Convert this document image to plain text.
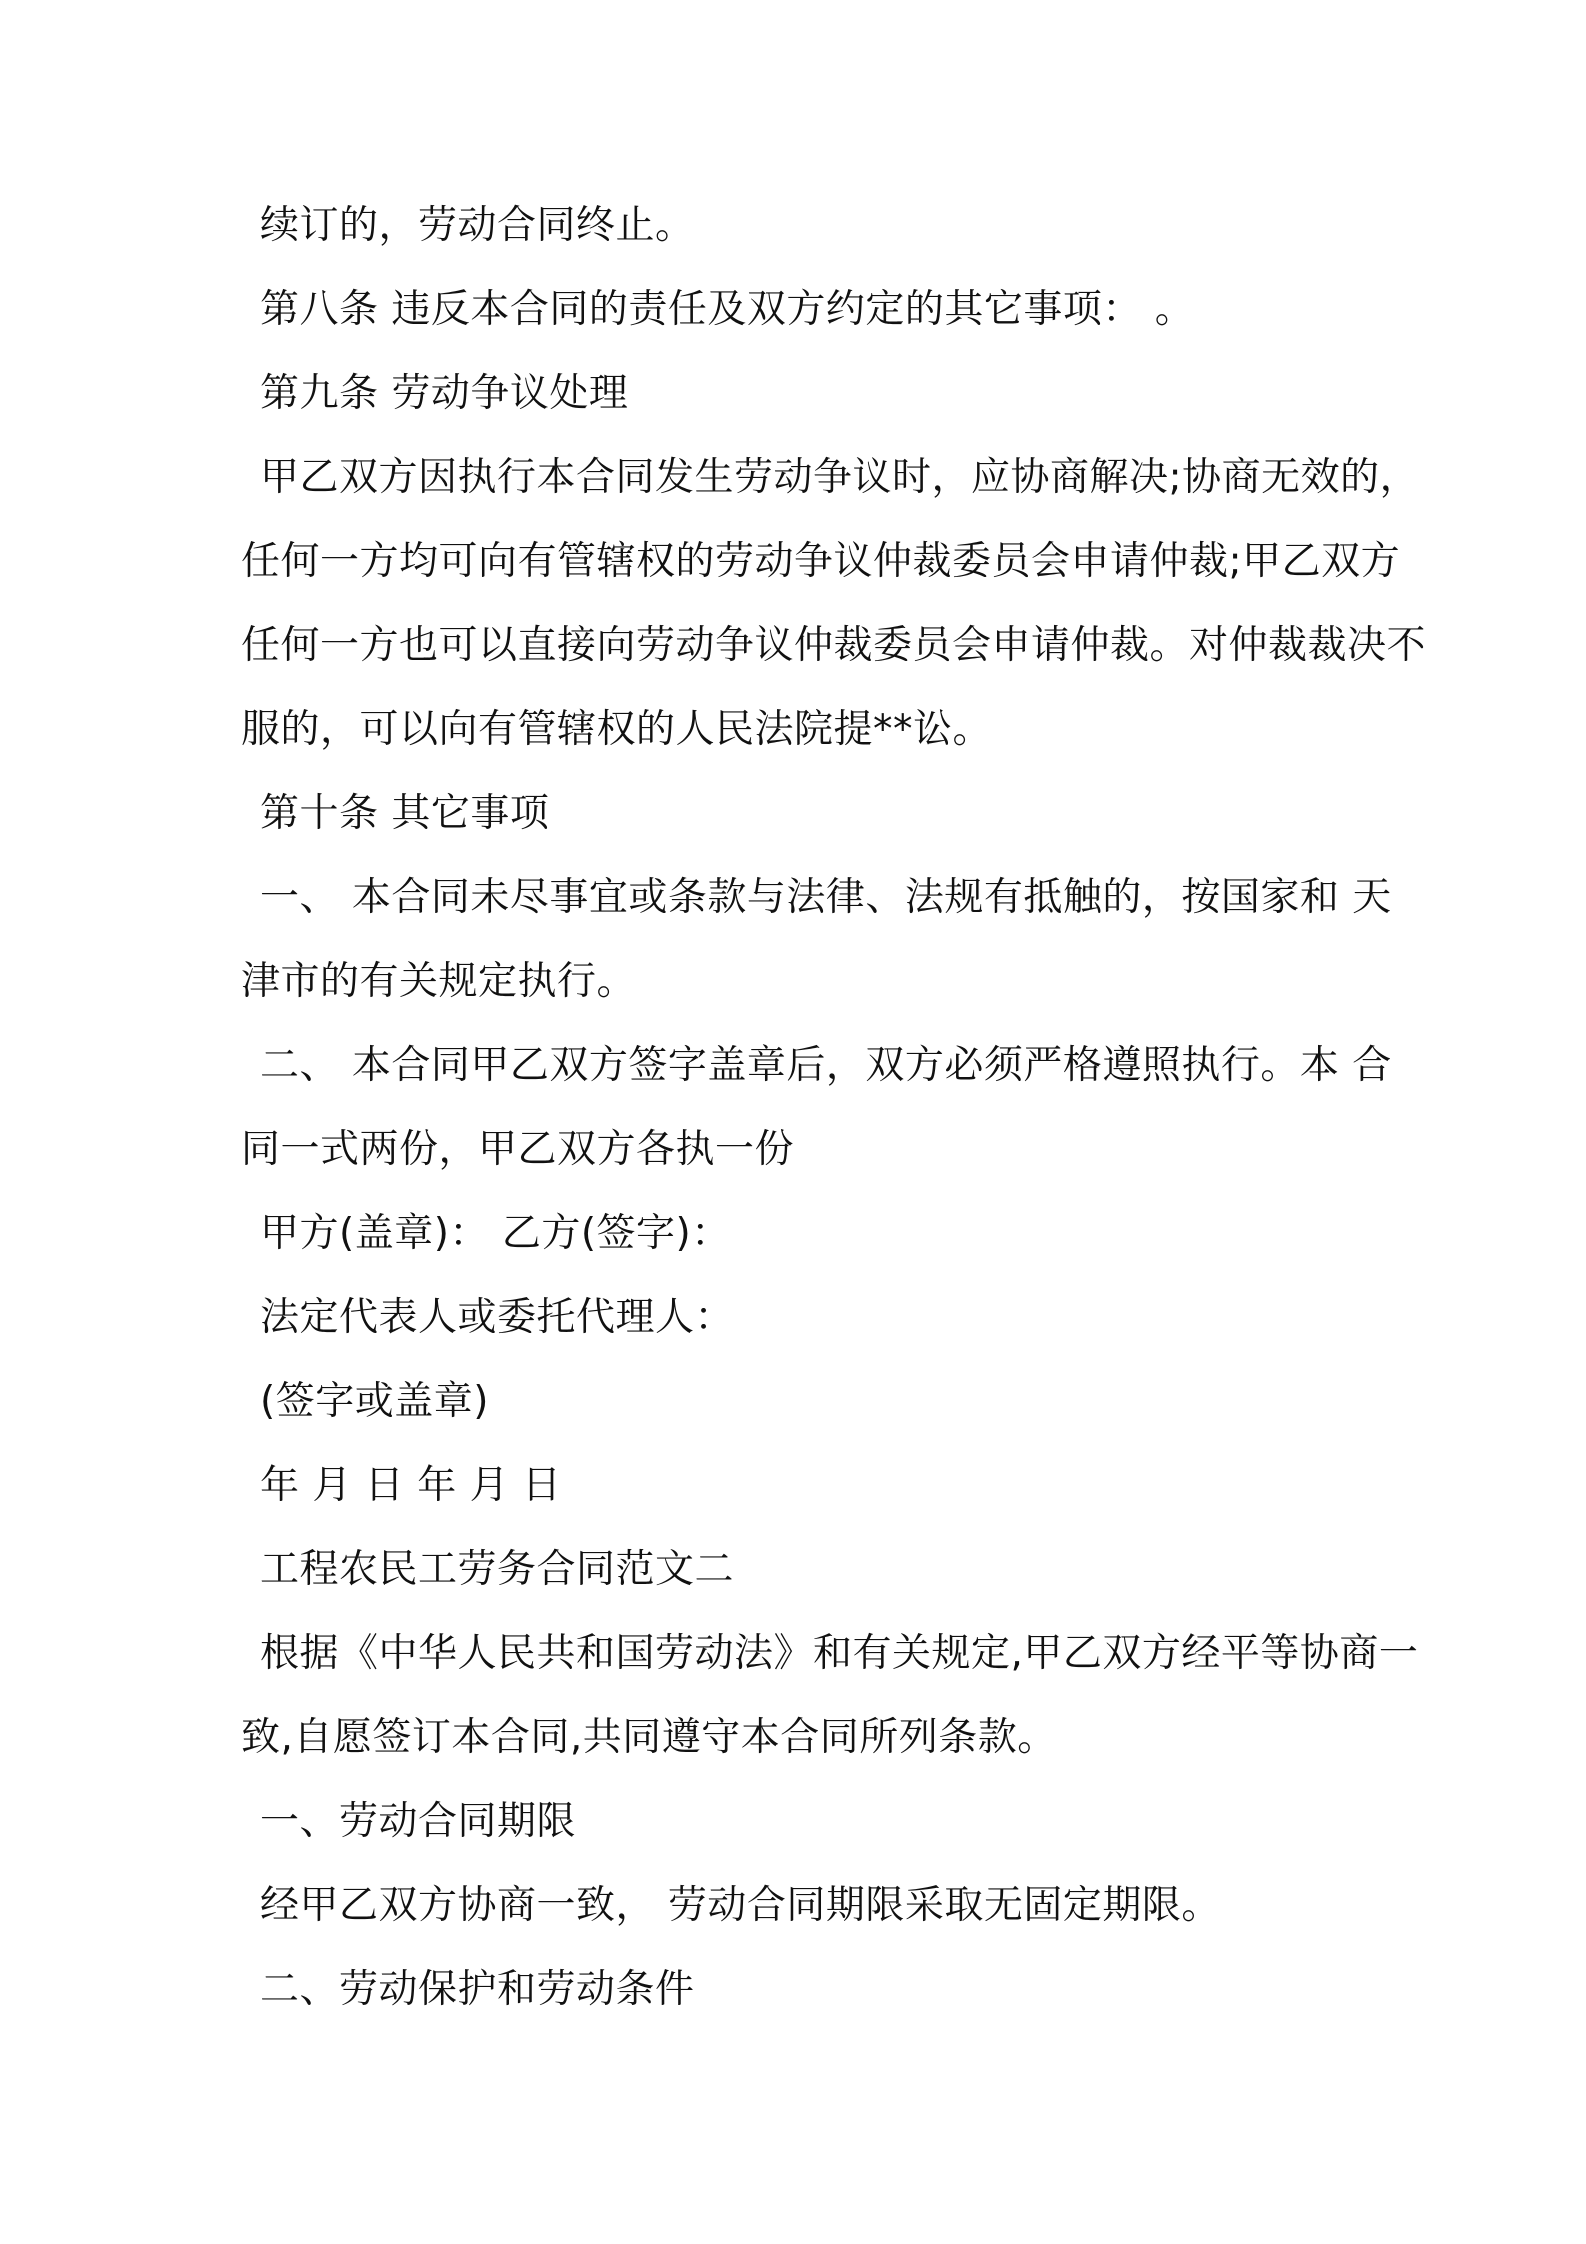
续订的，劳动合同终止。
第八条 违反本合同的责任及双方约定的其它事项： 。
第九条 劳动争议处理
甲乙双方因执行本合同发生劳动争议时，应协商解决;协商无效的，
任何一方均可向有管辖权的劳动争议仲裁委员会申请仲裁;甲乙双方
任何一方也可以直接向劳动争议仲裁委员会申请仲裁。对仲裁裁决不
服的，可以向有管辖权的人民法院提**讼。
第十条 其它事项
一、 本合同未尽事宜或条款与法律、法规有抵触的，按国家和 天
津市的有关规定执行。
二、 本合同甲乙双方签字盖章后，双方必须严格遵照执行。本 合
同一式两份，甲乙双方各执一份
甲方(盖章)： 乙方(签字)：
法定代表人或委托代理人：
(签字或盖章)
年 月 日 年 月 日
工程农民工劳务合同范文二
根据《中华人民共和国劳动法》和有关规定,甲乙双方经平等协商一
致,自愿签订本合同,共同遵守本合同所列条款。
一、劳动合同期限
经甲乙双方协商一致， 劳动合同期限采取无固定期限。
二、劳动保护和劳动条件
